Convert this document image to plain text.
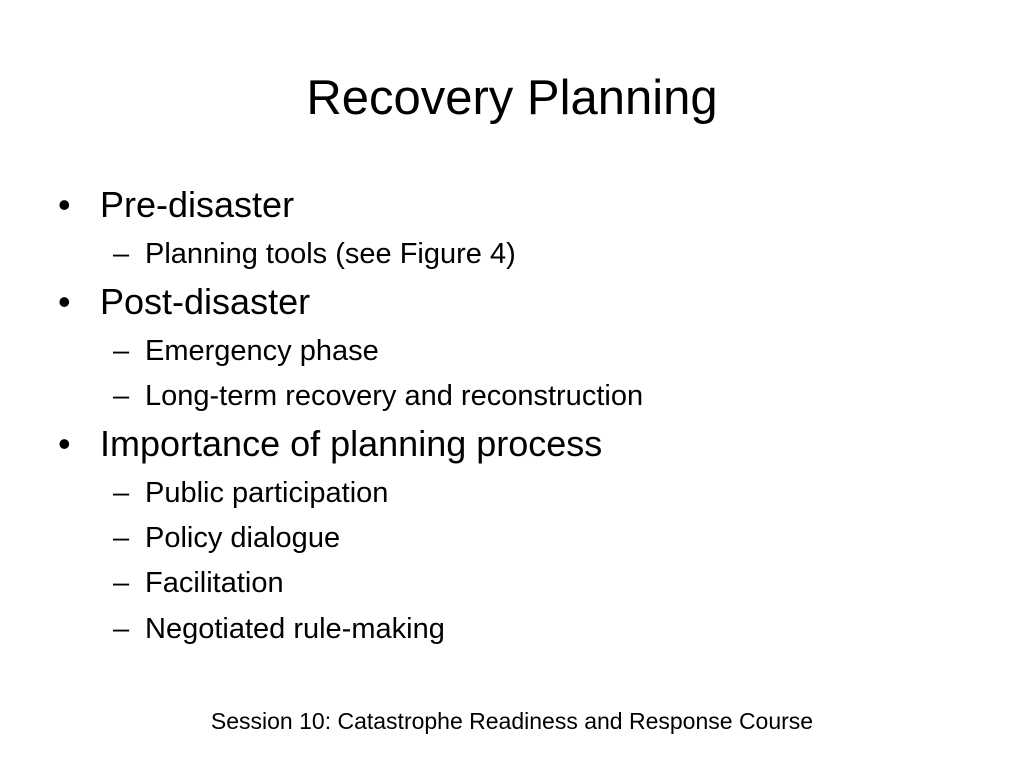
Recovery Planning
• Pre-disaster
– Planning tools (see Figure 4)
• Post-disaster
– Emergency phase
– Long-term recovery and reconstruction
• Importance of planning process
– Public participation
– Policy dialogue
– Facilitation
– Negotiated rule-making
Session 10: Catastrophe Readiness and Response Course
